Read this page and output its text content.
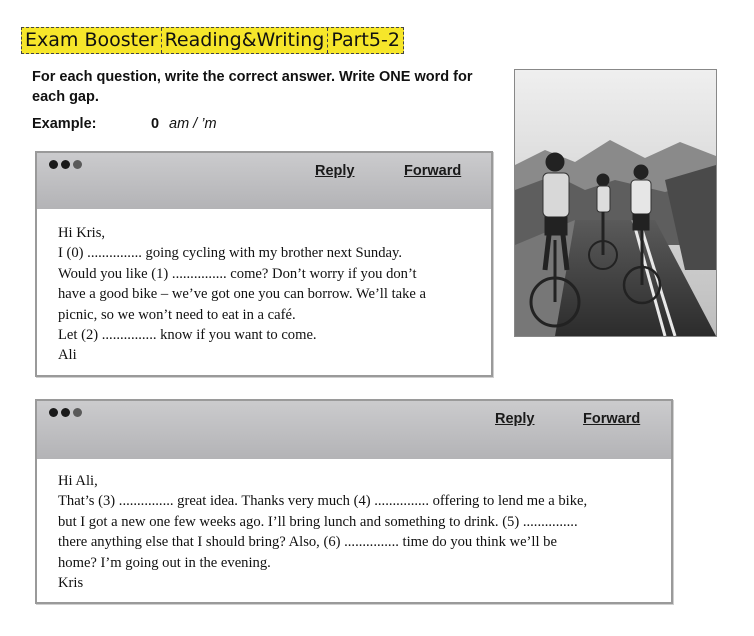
Exam Booster Reading&Writing Part5-2
For each question, write the correct answer. Write ONE word for each gap.
Example:	0 am / ’m
Reply	Forward

Hi Kris,

I (0) ............... going cycling with my brother next Sunday.

Would you like (1) ............... come? Don’t worry if you don’t

have a good bike – we’ve got one you can borrow. We’ll take a

picnic, so we won’t need to eat in a café.

Let (2) ............... know if you want to come.

Ali

Reply	Forward

Hi Ali,

That’s (3) ............... great idea. Thanks very much (4) ............... offering to lend me a bike,

but I got a new one few weeks ago. I’ll bring lunch and something to drink. (5) ...............

there anything else that I should bring? Also, (6) ............... time do you think we’ll be

home? I’m going out in the evening.

Kris
